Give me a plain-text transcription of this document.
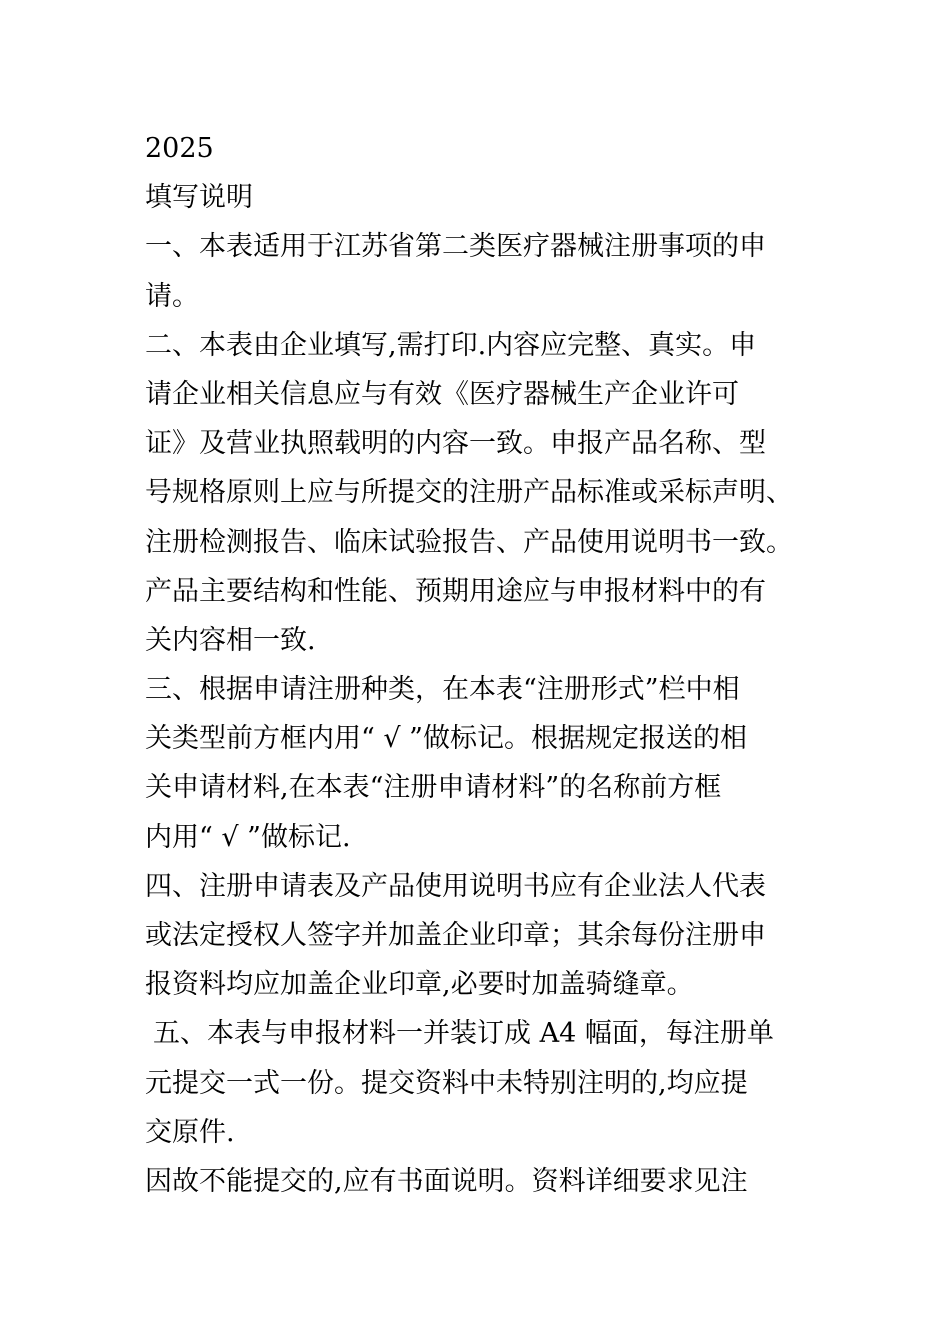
2025
填写说明
一、本表适用于江苏省第二类医疗器械注册事项的申
请。
二、本表由企业填写,需打印.内容应完整、真实。申
请企业相关信息应与有效《医疗器械生产企业许可
证》及营业执照载明的内容一致。申报产品名称、型
号规格原则上应与所提交的注册产品标准或采标声明、
注册检测报告、临床试验报告、产品使用说明书一致。
产品主要结构和性能、预期用途应与申报材料中的有
关内容相一致.
三、根据申请注册种类，在本表“注册形式”栏中相
关类型前方框内用“ √ ”做标记。根据规定报送的相
关申请材料,在本表“注册申请材料”的名称前方框
内用“ √ ”做标记.
四、注册申请表及产品使用说明书应有企业法人代表
或法定授权人签字并加盖企业印章；其余每份注册申
报资料均应加盖企业印章,必要时加盖骑缝章。
五、本表与申报材料一并装订成 A4 幅面，每注册单
元提交一式一份。提交资料中未特别注明的,均应提
交原件.
因故不能提交的,应有书面说明。资料详细要求见注
